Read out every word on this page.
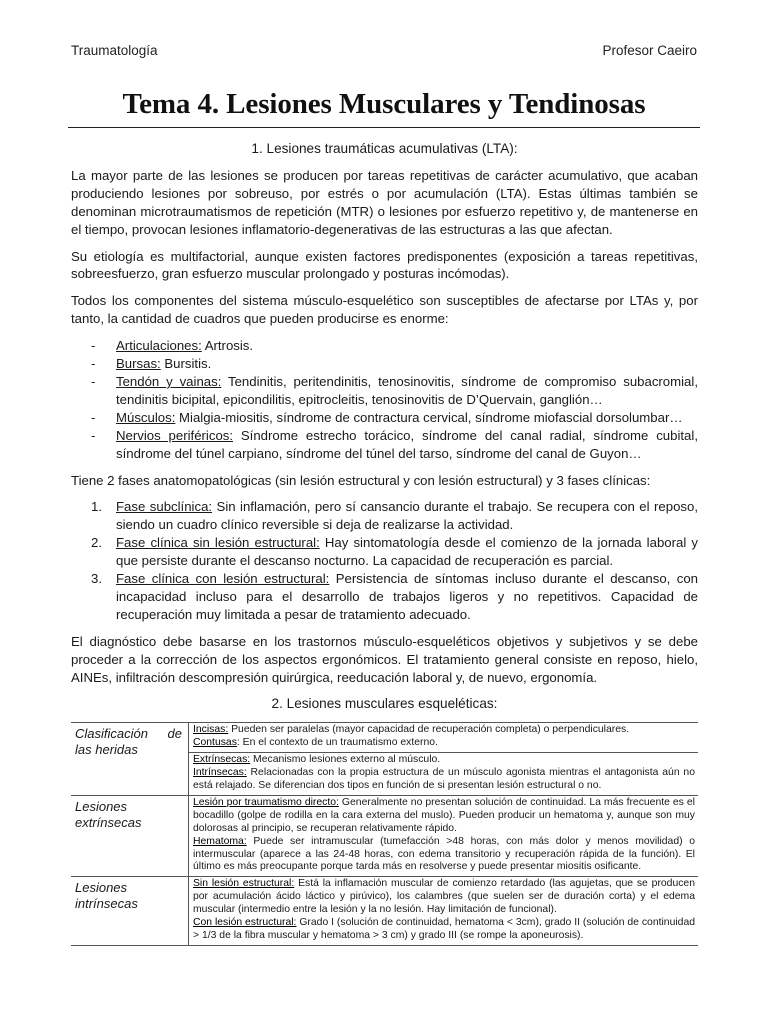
Traumatología	Profesor Caeiro
Tema 4. Lesiones Musculares y Tendinosas
1. Lesiones traumáticas acumulativas (LTA):

La mayor parte de las lesiones se producen por tareas repetitivas de carácter acumulativo, que acaban produciendo lesiones por sobreuso, por estrés o por acumulación (LTA). Estas últimas también se denominan microtraumatismos de repetición (MTR) o lesiones por esfuerzo repetitivo y, de mantenerse en el tiempo, provocan lesiones inflamatorio-degenerativas de las estructuras a las que afectan.

Su etiología es multifactorial, aunque existen factores predisponentes (exposición a tareas repetitivas, sobreesfuerzo, gran esfuerzo muscular prolongado y posturas incómodas).

Todos los componentes del sistema músculo-esquelético son susceptibles de afectarse por LTAs y, por tanto, la cantidad de cuadros que pueden producirse es enorme:

- Articulaciones: Artrosis.
- Bursas: Bursitis.
- Tendón y vainas: Tendinitis, peritendinitis, tenosinovitis, síndrome de compromiso subacromial, tendinitis bicipital, epicondilitis, epitrocleitis, tenosinovitis de D’Quervain, ganglión…
- Músculos: Mialgia-miositis, síndrome de contractura cervical, síndrome miofascial dorsolumbar…
- Nervios periféricos: Síndrome estrecho torácico, síndrome del canal radial, síndrome cubital, síndrome del túnel carpiano, síndrome del túnel del tarso, síndrome del canal de Guyon…

Tiene 2 fases anatomopatológicas (sin lesión estructural y con lesión estructural) y 3 fases clínicas:

1. Fase subclínica: Sin inflamación, pero sí cansancio durante el trabajo. Se recupera con el reposo, siendo un cuadro clínico reversible si deja de realizarse la actividad.
2. Fase clínica sin lesión estructural: Hay sintomatología desde el comienzo de la jornada laboral y que persiste durante el descanso nocturno. La capacidad de recuperación es parcial.
3. Fase clínica con lesión estructural: Persistencia de síntomas incluso durante el descanso, con incapacidad incluso para el desarrollo de trabajos ligeros y no repetitivos. Capacidad de recuperación muy limitada a pesar de tratamiento adecuado.

El diagnóstico debe basarse en los trastornos músculo-esqueléticos objetivos y subjetivos y se debe proceder a la corrección de los aspectos ergonómicos. El tratamiento general consiste en reposo, hielo, AINEs, infiltración descompresión quirúrgica, reeducación laboral y, de nuevo, ergonomía.

2. Lesiones musculares esqueléticas:
Clasificación de las heridas	Incisas: Pueden ser paralelas (mayor capacidad de recuperación completa) o perpendiculares.
Contusas: En el contexto de un traumatismo externo.

	Extrínsecas: Mecanismo lesiones externo al músculo.
Intrínsecas: Relacionadas con la propia estructura de un músculo agonista mientras el antagonista aún no está relajado. Se diferencian dos tipos en función de si presentan lesión estructural o no.

Lesiones extrínsecas	Lesión por traumatismo directo: Generalmente no presentan solución de continuidad. La más frecuente es el bocadillo (golpe de rodilla en la cara externa del muslo). Pueden producir un hematoma y, aunque son muy dolorosas al principio, se recuperan relativamente rápido.
Hematoma: Puede ser intramuscular (tumefacción >48 horas, con más dolor y menos movilidad) o intermuscular (aparece a las 24-48 horas, con edema transitorio y recuperación rápida de la función). El último es más preocupante porque tarda más en resolverse y puede presentar miositis osificante.

Lesiones intrínsecas	Sin lesión estructural: Está la inflamación muscular de comienzo retardado (las agujetas, que se producen por acumulación ácido láctico y pirúvico), los calambres (que suelen ser de duración corta) y el edema muscular (intermedio entre la lesión y la no lesión. Hay limitación de funcional).
Con lesión estructural: Grado I (solución de continuidad, hematoma < 3cm), grado II (solución de continuidad > 1/3 de la fibra muscular y hematoma > 3 cm) y grado III (se rompe la aponeurosis).
